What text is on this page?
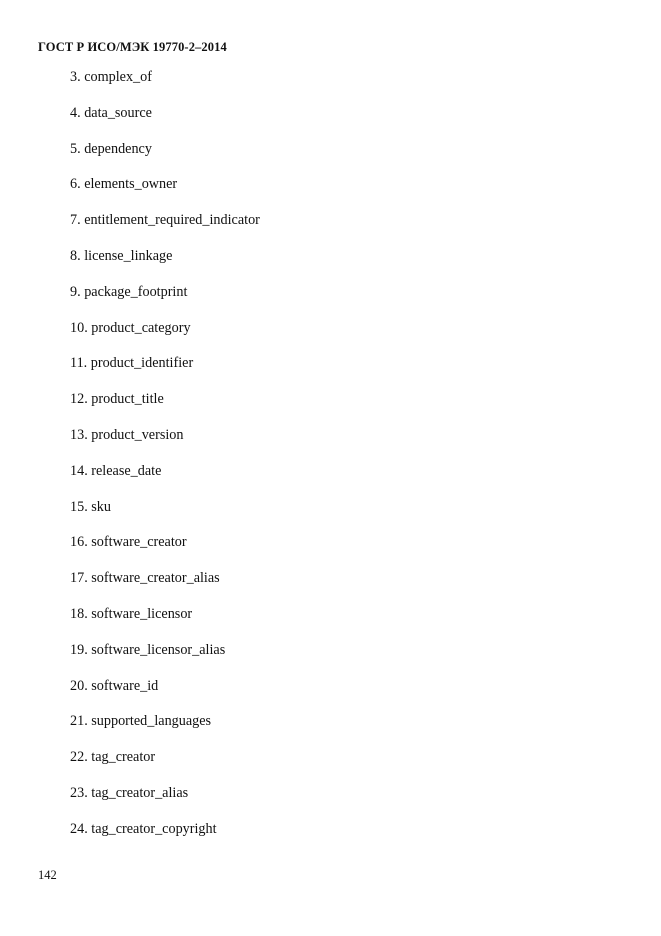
ГОСТ Р ИСО/МЭК 19770-2–2014
3. complex_of
4. data_source
5. dependency
6. elements_owner
7. entitlement_required_indicator
8. license_linkage
9. package_footprint
10. product_category
11. product_identifier
12. product_title
13. product_version
14. release_date
15. sku
16. software_creator
17. software_creator_alias
18. software_licensor
19. software_licensor_alias
20. software_id
21. supported_languages
22. tag_creator
23. tag_creator_alias
24. tag_creator_copyright
142
